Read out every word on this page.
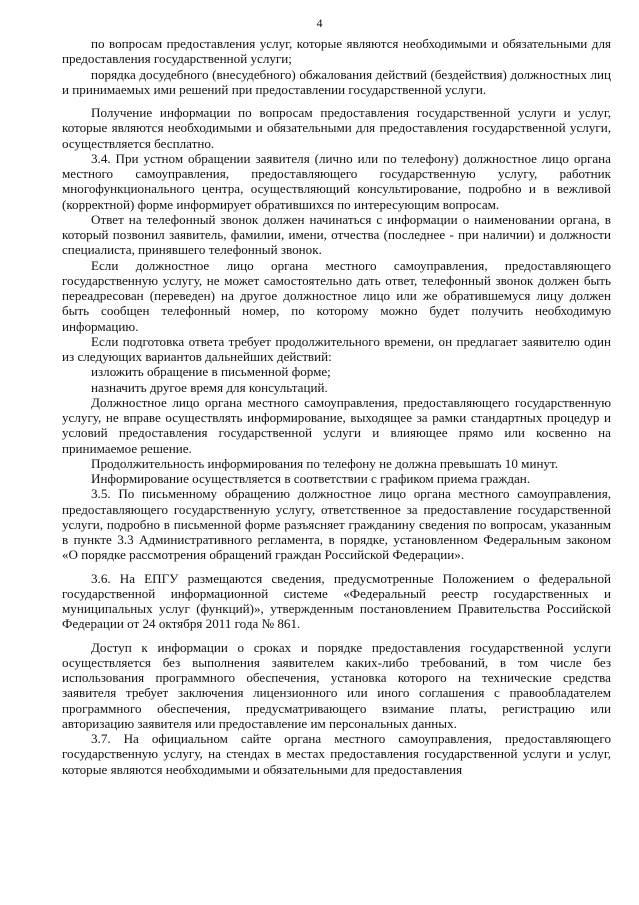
4

по вопросам предоставления услуг, которые являются необходимыми и обязательными для предоставления государственной услуги;

порядка досудебного (внесудебного) обжалования действий (бездействия) должностных лиц и принимаемых ими решений при предоставлении государственной услуги.

Получение информации по вопросам предоставления государственной услуги и услуг, которые являются необходимыми и обязательными для предоставления государственной услуги, осуществляется бесплатно.

3.4. При устном обращении заявителя (лично или по телефону) должностное лицо органа местного самоуправления, предоставляющего государственную услугу, работник многофункционального центра, осуществляющий консультирование, подробно и в вежливой (корректной) форме информирует обратившихся по интересующим вопросам.

Ответ на телефонный звонок должен начинаться с информации о наименовании органа, в который позвонил заявитель, фамилии, имени, отчества (последнее - при наличии) и должности специалиста, принявшего телефонный звонок.

Если должностное лицо органа местного самоуправления, предоставляющего государственную услугу, не может самостоятельно дать ответ, телефонный звонок должен быть переадресован (переведен) на другое должностное лицо или же обратившемуся лицу должен быть сообщен телефонный номер, по которому можно будет получить необходимую информацию.

Если подготовка ответа требует продолжительного времени, он предлагает заявителю один из следующих вариантов дальнейших действий:

изложить обращение в письменной форме;

назначить другое время для консультаций.

Должностное лицо органа местного самоуправления, предоставляющего государственную услугу, не вправе осуществлять информирование, выходящее за рамки стандартных процедур и условий предоставления государственной услуги и влияющее прямо или косвенно на принимаемое решение.

Продолжительность информирования по телефону не должна превышать 10 минут.

Информирование осуществляется в соответствии с графиком приема граждан.

3.5. По письменному обращению должностное лицо органа местного самоуправления, предоставляющего государственную услугу, ответственное за предоставление государственной услуги, подробно в письменной форме разъясняет гражданину сведения по вопросам, указанным в пункте 3.3 Административного регламента, в порядке, установленном Федеральным законом «О порядке рассмотрения обращений граждан Российской Федерации».

3.6. На ЕПГУ размещаются сведения, предусмотренные Положением о федеральной государственной информационной системе «Федеральный реестр государственных и муниципальных услуг (функций)», утвержденным постановлением Правительства Российской Федерации от 24 октября 2011 года № 861.

Доступ к информации о сроках и порядке предоставления государственной услуги осуществляется без выполнения заявителем каких-либо требований, в том числе без использования программного обеспечения, установка которого на технические средства заявителя требует заключения лицензионного или иного соглашения с правообладателем программного обеспечения, предусматривающего взимание платы, регистрацию или авторизацию заявителя или предоставление им персональных данных.

3.7. На официальном сайте органа местного самоуправления, предоставляющего государственную услугу, на стендах в местах предоставления государственной услуги и услуг, которые являются необходимыми и обязательными для предоставления
